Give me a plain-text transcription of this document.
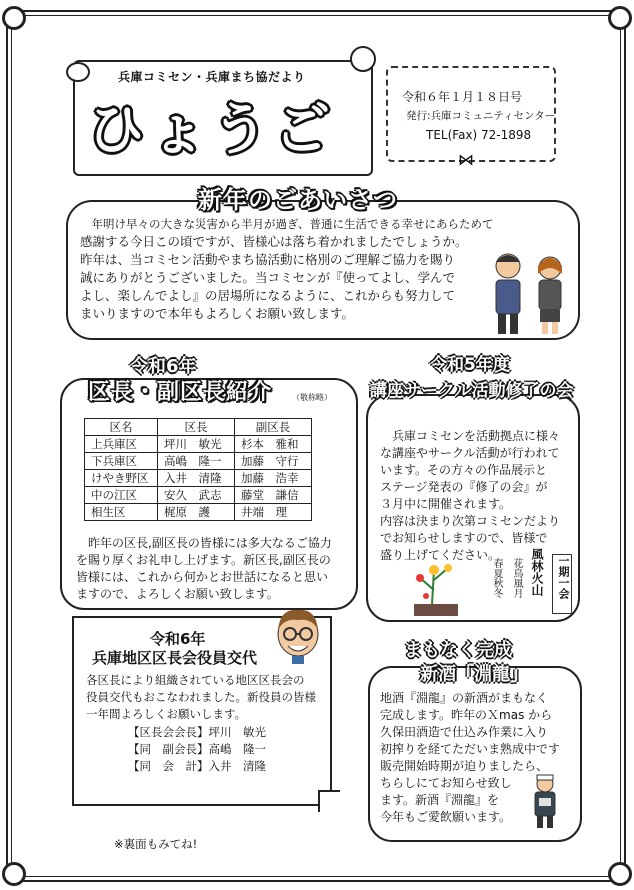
兵庫コミセン・兵庫まち協だより
ひょうご
令和６年１月１８日号
発行:兵庫コミュニティセンター
TEL(Fax) 72-1898
⋈
新年のごあいさつ
　年明け早々の大きな災害から半月が過ぎ、普通に生活できる幸せにあらためて
感謝する今日この頃ですが、皆様心は落ち着かれましたでしょうか。
昨年は、当コミセン活動やまち協活動に格別のご理解ご協力を賜り
誠にありがとうございました。当コミセンが『使ってよし、学んで
よし、楽しんでよし』の居場所になるように、これからも努力して
まいりますので本年もよろしくお願い致します。
令和6年
区長・副区長紹介 （敬称略）
区名	区長	副区長
上兵庫区	坪川　敏光	杉本　雅和
下兵庫区	高嶋　隆一	加藤　守行
けやき野区	入井　清隆	加藤　浩幸
中の江区	安久　武志	藤堂　謙信
相生区	梶原　護	井端　理
　昨年の区長,副区長の皆様には多大なるご協力
を賜り厚くお礼申し上げます。新区長,副区長の
皆様には、これから何かとお世話になると思い
ますので、よろしくお願い致します。
令和6年
兵庫地区区長会役員交代
各区長により組織されている地区区長会の
役員交代もおこなわれました。新役員の皆様
一年間よろしくお願いします。
【区長会会長】坪川　敏光
【同　副会長】高嶋　隆一
【同　会　計】入井　清隆
令和5年度
講座サークル活動修了の会
　兵庫コミセンを活動拠点に様々
な講座やサークル活動が行われて
います。その方々の作品展示と
ステージ発表の『修了の会』が
３月中に開催されます。
内容は決まり次第コミセンだより
でお知らせしますので、皆様で
盛り上げてください。
春夏秋冬 花鳥風月 風林火山	一期一会
まもなく完成
新酒「淵龍」
地酒『淵龍』の新酒がまもなく
完成します。昨年のＸmas から
久保田酒造で仕込み作業に入り
初搾りを経てただいま熟成中です
販売開始時期が迫りましたら、
ちらしにてお知らせ致し
ます。新酒『淵龍』を
今年もご愛飲願います。
※裏面もみてね!
